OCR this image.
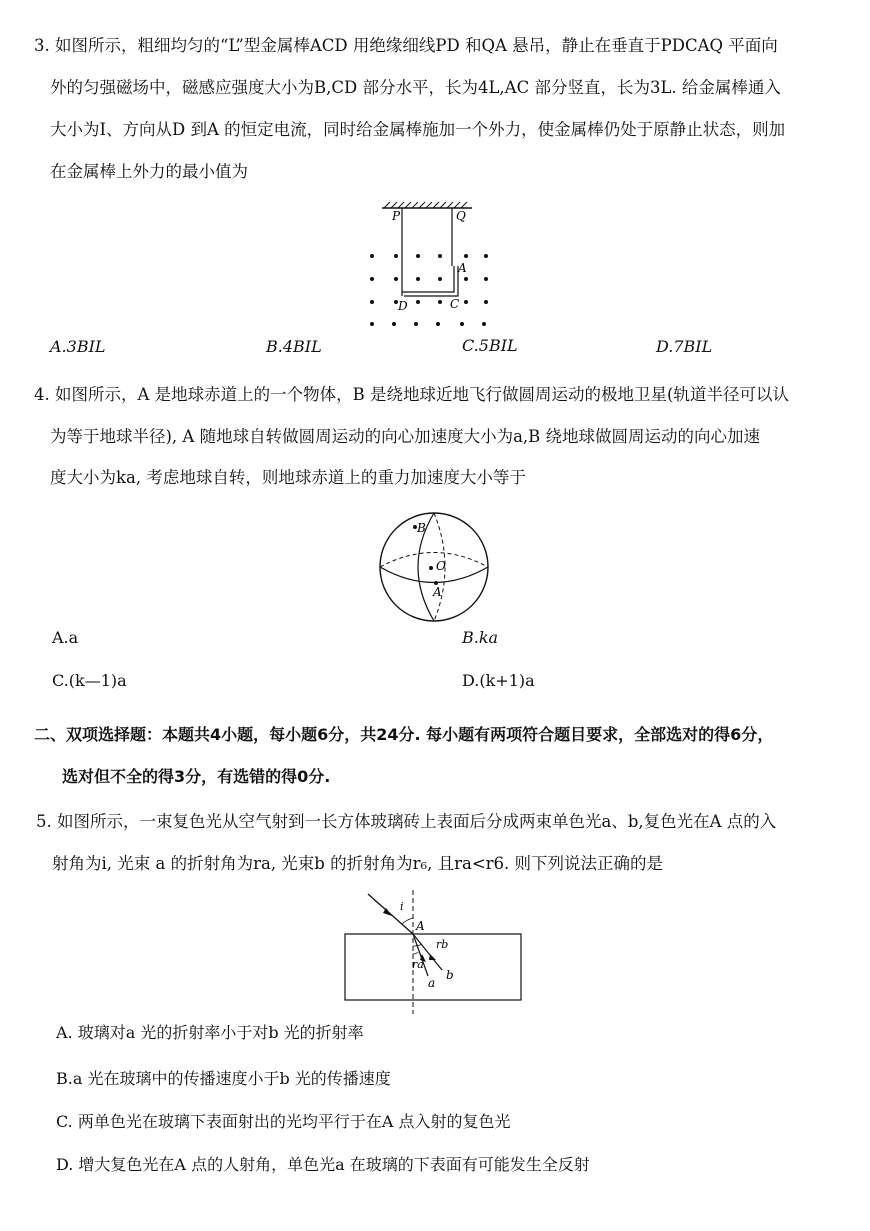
3. 如图所示，粗细均匀的“L”型金属棒ACD 用绝缘细线PD 和QA 悬吊，静止在垂直于PDCAQ 平面向
外的匀强磁场中，磁感应强度大小为B,CD 部分水平，长为4L,AC 部分竖直，长为3L. 给金属棒通入
大小为I、方向从D 到A 的恒定电流，同时给金属棒施加一个外力，使金属棒仍处于原静止状态，则加
在金属棒上外力的最小值为
P	Q
A
D	C
A.3BIL	B.4BIL	C.5BIL	D.7BIL
4. 如图所示，A 是地球赤道上的一个物体，B 是绕地球近地飞行做圆周运动的极地卫星(轨道半径可以认
为等于地球半径), A 随地球自转做圆周运动的向心加速度大小为a,B 绕地球做圆周运动的向心加速
度大小为ka, 考虑地球自转，则地球赤道上的重力加速度大小等于
B
O
A
A.a	B.ka
C.(k—1)a	D.(k+1)a
二、双项选择题：本题共4小题，每小题6分，共24分. 每小题有两项符合题目要求，全部选对的得6分，
选对但不全的得3分，有选错的得0分.
5. 如图所示，一束复色光从空气射到一长方体玻璃砖上表面后分成两束单色光a、b,复色光在A 点的入
射角为i, 光束 a 的折射角为ra, 光束b 的折射角为r₆, 且ra<r6. 则下列说法正确的是
i
A
rb
ra
b
a
A. 玻璃对a 光的折射率小于对b 光的折射率
B.a 光在玻璃中的传播速度小于b 光的传播速度
C. 两单色光在玻璃下表面射出的光均平行于在A 点入射的复色光
D. 增大复色光在A 点的人射角，单色光a 在玻璃的下表面有可能发生全反射
